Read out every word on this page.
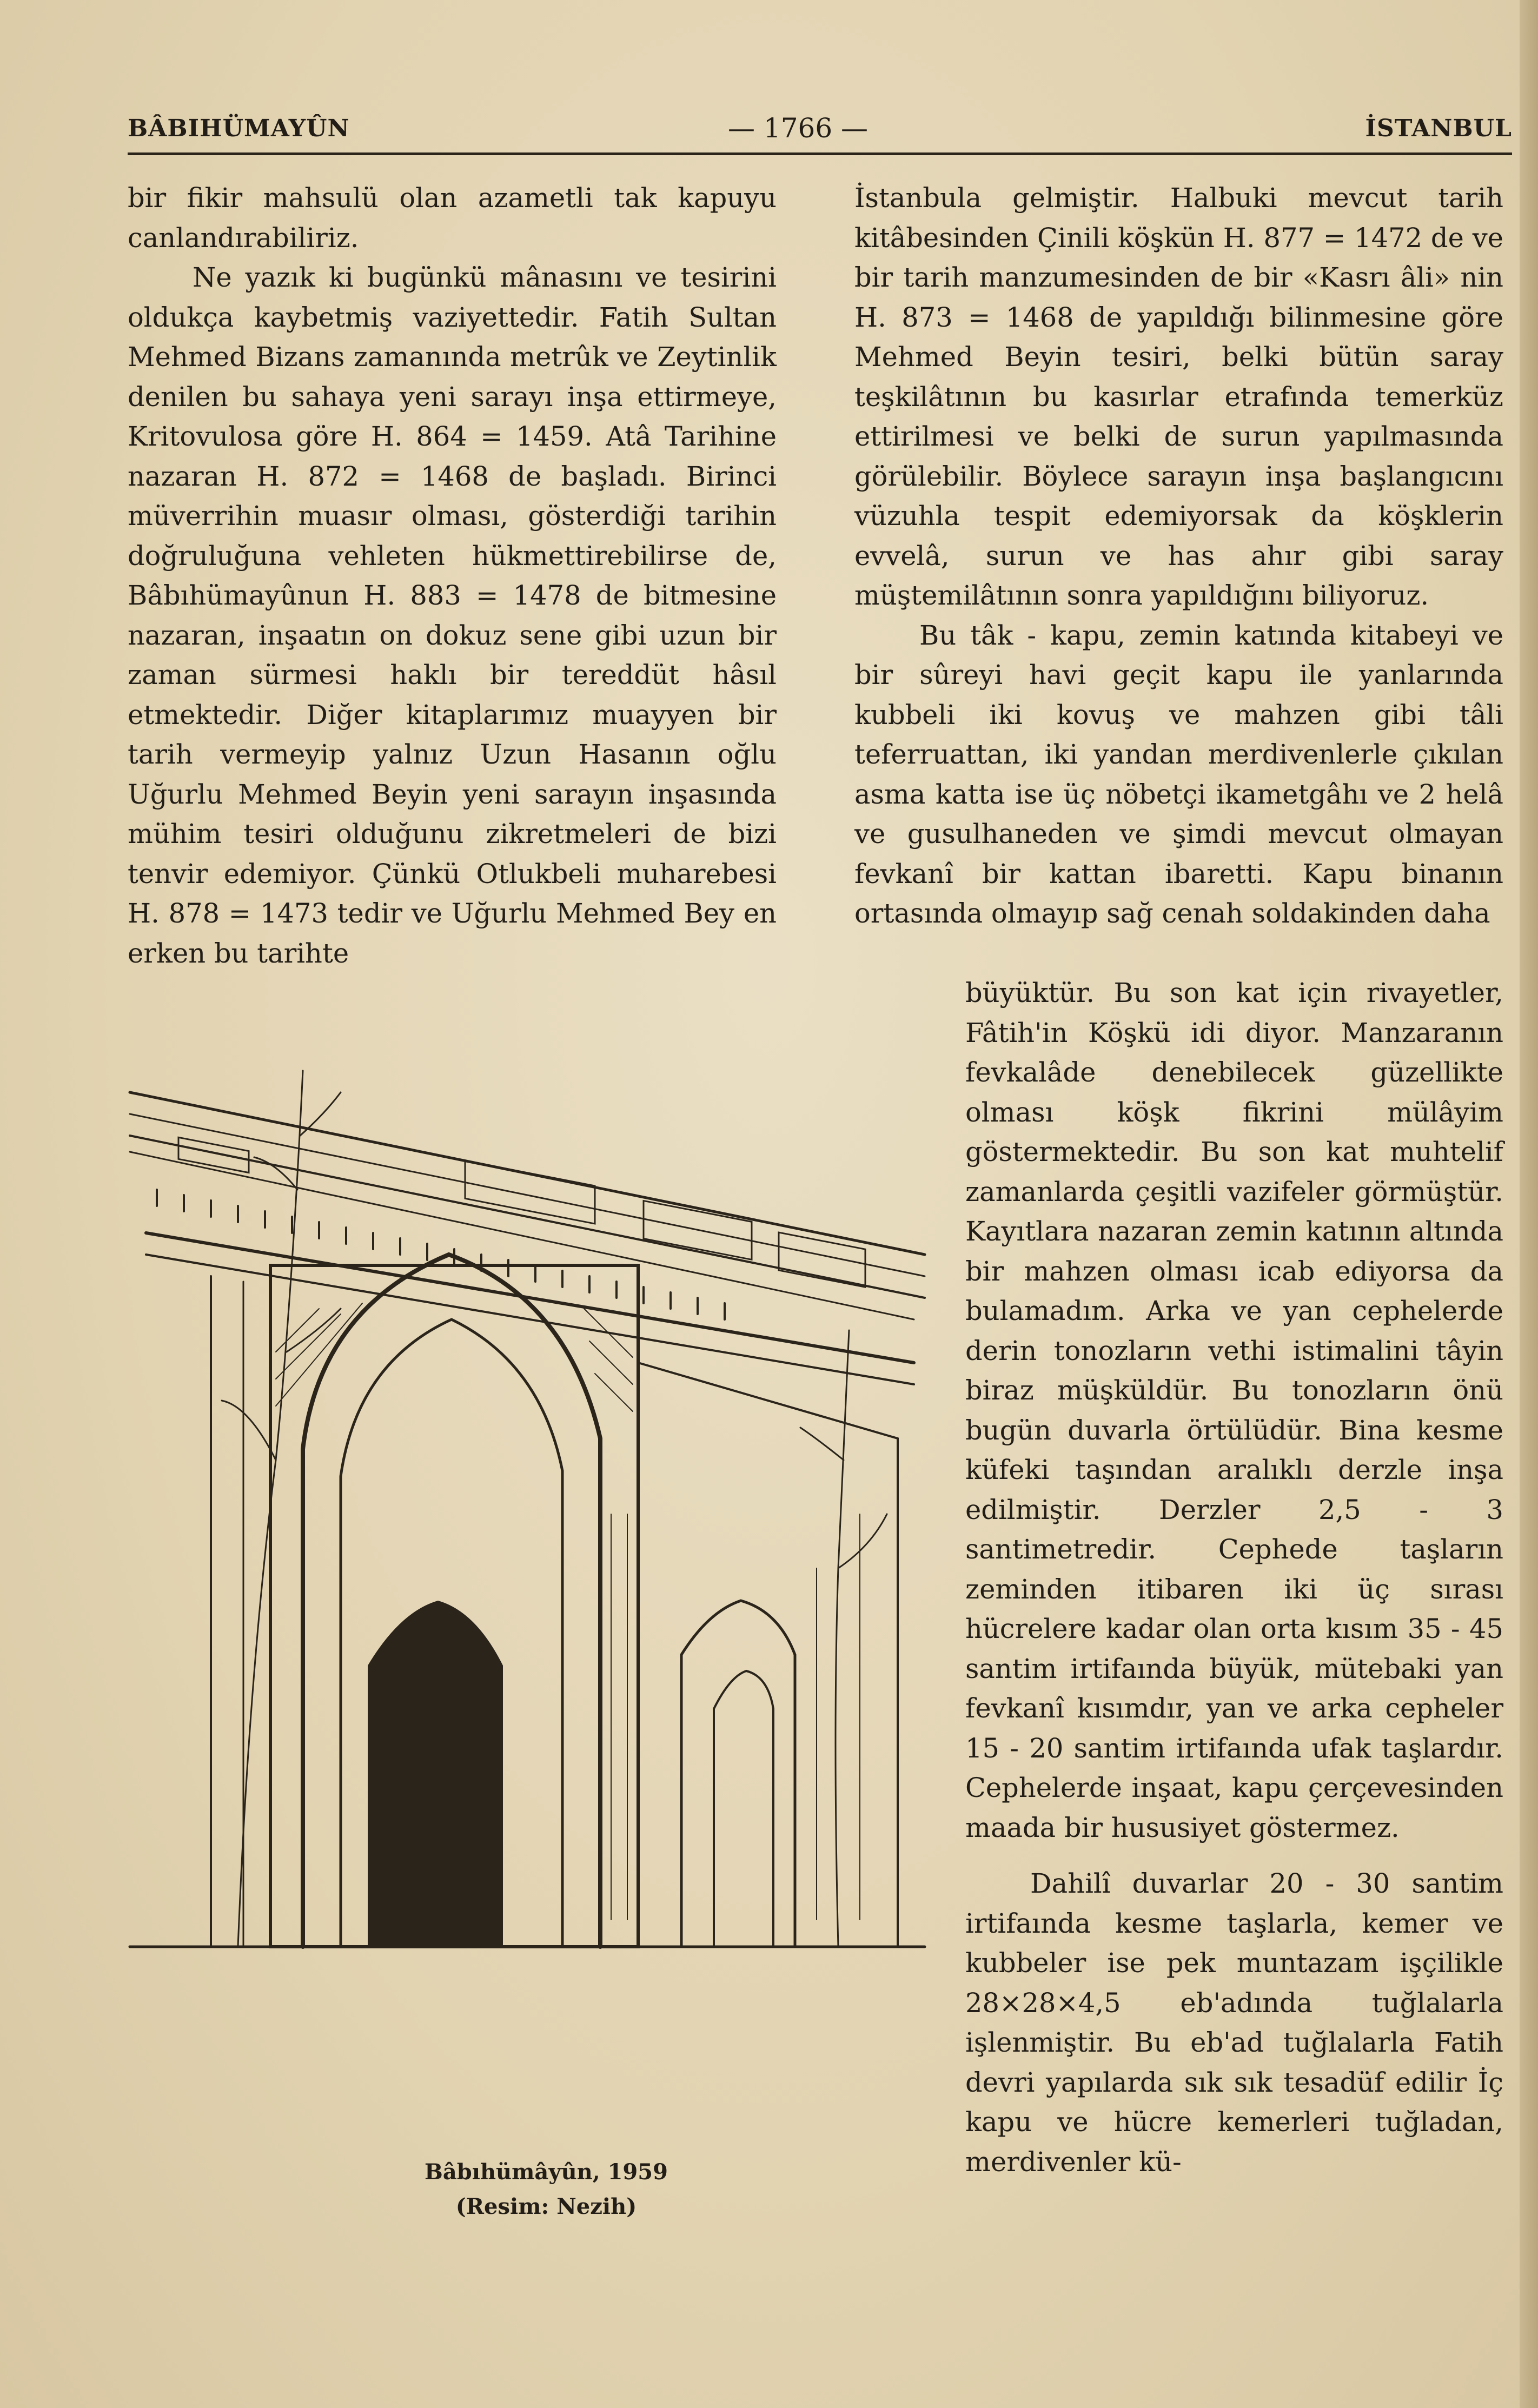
BÂBIHÜMAYÛN	— 1766 —	İSTANBUL

bir fikir mahsulü olan azametli tak kapuyu canlandırabiliriz.

Ne yazık ki bugünkü mânasını ve tesirini oldukça kaybetmiş vaziyettedir. Fatih Sultan Mehmed Bizans zamanında metrûk ve Zeytinlik denilen bu sahaya yeni sarayı inşa ettirmeye, Kritovulosa göre H. 864 = 1459. Atâ Tarihine nazaran H. 872 = 1468 de başladı. Birinci müverrihin muasır olması, gösterdiği tarihin doğruluğuna vehleten hükmettirebilirse de, Bâbıhümayûnun H. 883 = 1478 de bitmesine nazaran, inşaatın on dokuz sene gibi uzun bir zaman sürmesi haklı bir tereddüt hâsıl etmektedir. Diğer kitaplarımız muayyen bir tarih vermeyip yalnız Uzun Hasanın oğlu Uğurlu Mehmed Beyin yeni sarayın inşasında mühim tesiri olduğunu zikretmeleri de bizi tenvir edemiyor. Çünkü Otlukbeli muharebesi H. 878 = 1473 tedir ve Uğurlu Mehmed Bey en erken bu tarihte

İstanbula gelmiştir. Halbuki mevcut tarih kitâbesinden Çinili köşkün H. 877 = 1472 de ve bir tarih manzumesinden de bir «Kasrı âli» nin H. 873 = 1468 de yapıldığı bilinmesine göre Mehmed Beyin tesiri, belki bütün saray teşkilâtının bu kasırlar etrafında temerküz ettirilmesi ve belki de surun yapılmasında görülebilir. Böylece sarayın inşa başlangıcını vüzuhla tespit edemiyorsak da köşklerin evvelâ, surun ve has ahır gibi saray müştemilâtının sonra yapıldığını biliyoruz.

Bu tâk - kapu, zemin katında kitabeyi ve bir sûreyi havi geçit kapu ile yanlarında kubbeli iki kovuş ve mahzen gibi tâli teferruattan, iki yandan merdivenlerle çıkılan asma katta ise üç nöbetçi ikametgâhı ve 2 helâ ve gusulhaneden ve şimdi mevcut olmayan fevkanî bir kattan ibaretti. Kapu binanın ortasında olmayıp sağ cenah soldakinden daha

büyüktür. Bu son kat için rivayetler, Fâtih'in Köşkü idi diyor. Manzaranın fevkalâde denebilecek güzellikte olması köşk fikrini mülâyim göstermektedir. Bu son kat muhtelif zamanlarda çeşitli vazifeler görmüştür. Kayıtlara nazaran zemin katının altında bir mahzen olması icab ediyorsa da bulamadım. Arka ve yan cephelerde derin tonozların vethi istimalini tâyin biraz müşküldür. Bu tonozların önü bugün duvarla örtülüdür. Bina kesme küfeki taşından aralıklı derzle inşa edilmiştir. Derzler 2,5 - 3 santimetredir. Cephede taşların zeminden itibaren iki üç sırası hücrelere kadar olan orta kısım 35 - 45 santim irtifaında büyük, mütebaki yan fevkanî kısımdır, yan ve arka cepheler 15 - 20 santim irtifaında ufak taşlardır. Cephelerde inşaat, kapu çerçevesinden maada bir hususiyet göstermez.

Dahilî duvarlar 20 - 30 santim irtifaında kesme taşlarla, kemer ve kubbeler ise pek muntazam işçilikle 28×28×4,5 eb'adında tuğlalarla işlenmiştir. Bu eb'ad tuğlalarla Fatih devri yapılarda sık sık tesadüf edilir İç kapu ve hücre kemerleri tuğladan, merdivenler kü-

Bâbıhümâyûn, 1959
(Resim: Nezih)
